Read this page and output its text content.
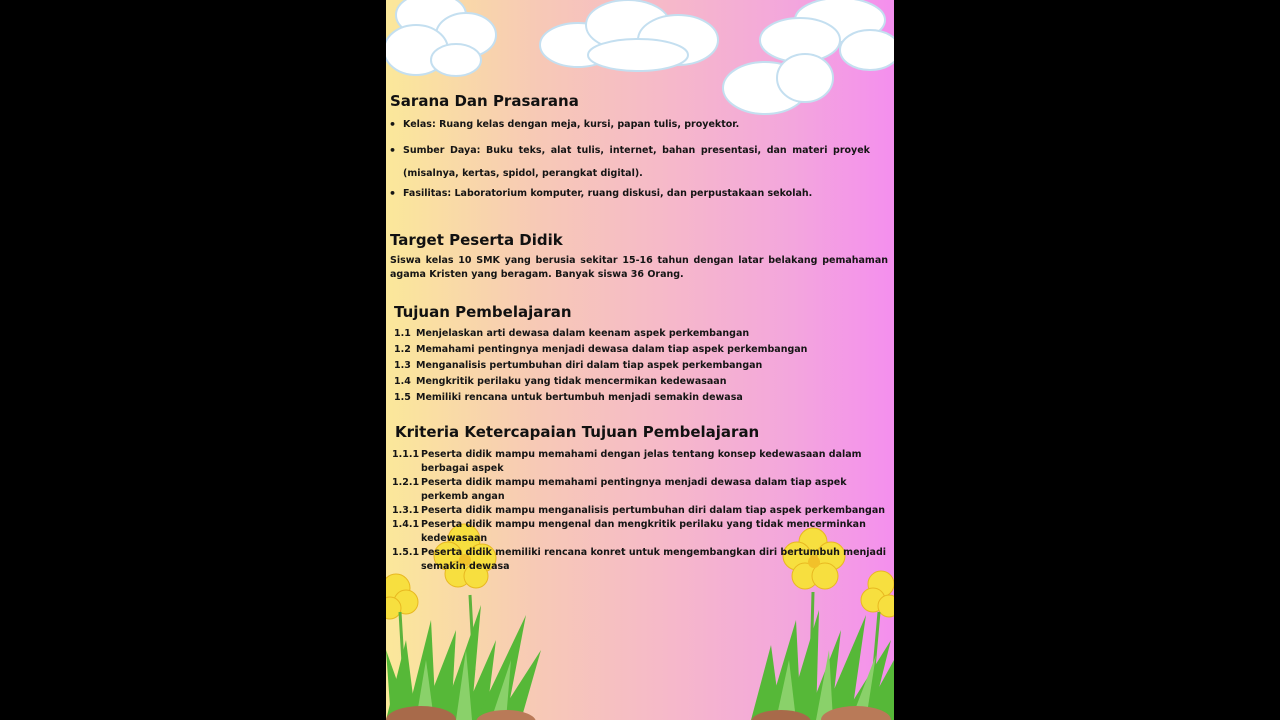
Sarana Dan Prasarana
• Kelas: Ruang kelas dengan meja, kursi, papan tulis, proyektor.
• Sumber Daya: Buku teks, alat tulis, internet, bahan presentasi, dan materi proyek (misalnya, kertas, spidol, perangkat digital).
• Fasilitas: Laboratorium komputer, ruang diskusi, dan perpustakaan sekolah.
Target Peserta Didik
Siswa kelas 10 SMK yang berusia sekitar 15-16 tahun dengan latar belakang pemahaman agama Kristen yang beragam. Banyak siswa 36 Orang.
Tujuan Pembelajaran
1.1 Menjelaskan arti dewasa dalam keenam aspek perkembangan
1.2 Memahami pentingnya menjadi dewasa dalam tiap aspek perkembangan
1.3 Menganalisis pertumbuhan diri dalam tiap aspek perkembangan
1.4 Mengkritik perilaku yang tidak mencermikan kedewasaan
1.5 Memiliki rencana untuk bertumbuh menjadi semakin dewasa
Kriteria Ketercapaian Tujuan Pembelajaran
1.1.1 Peserta didik mampu memahami dengan jelas tentang konsep kedewasaan dalam berbagai aspek
1.2.1 Peserta didik mampu memahami pentingnya menjadi dewasa dalam tiap aspek perkemb angan
1.3.1 Peserta didik mampu menganalisis pertumbuhan diri dalam tiap aspek perkembangan
1.4.1 Peserta didik mampu mengenal dan mengkritik perilaku yang tidak mencerminkan kedewasaan
1.5.1 Peserta didik memiliki rencana konret untuk mengembangkan diri bertumbuh menjadi semakin dewasa
